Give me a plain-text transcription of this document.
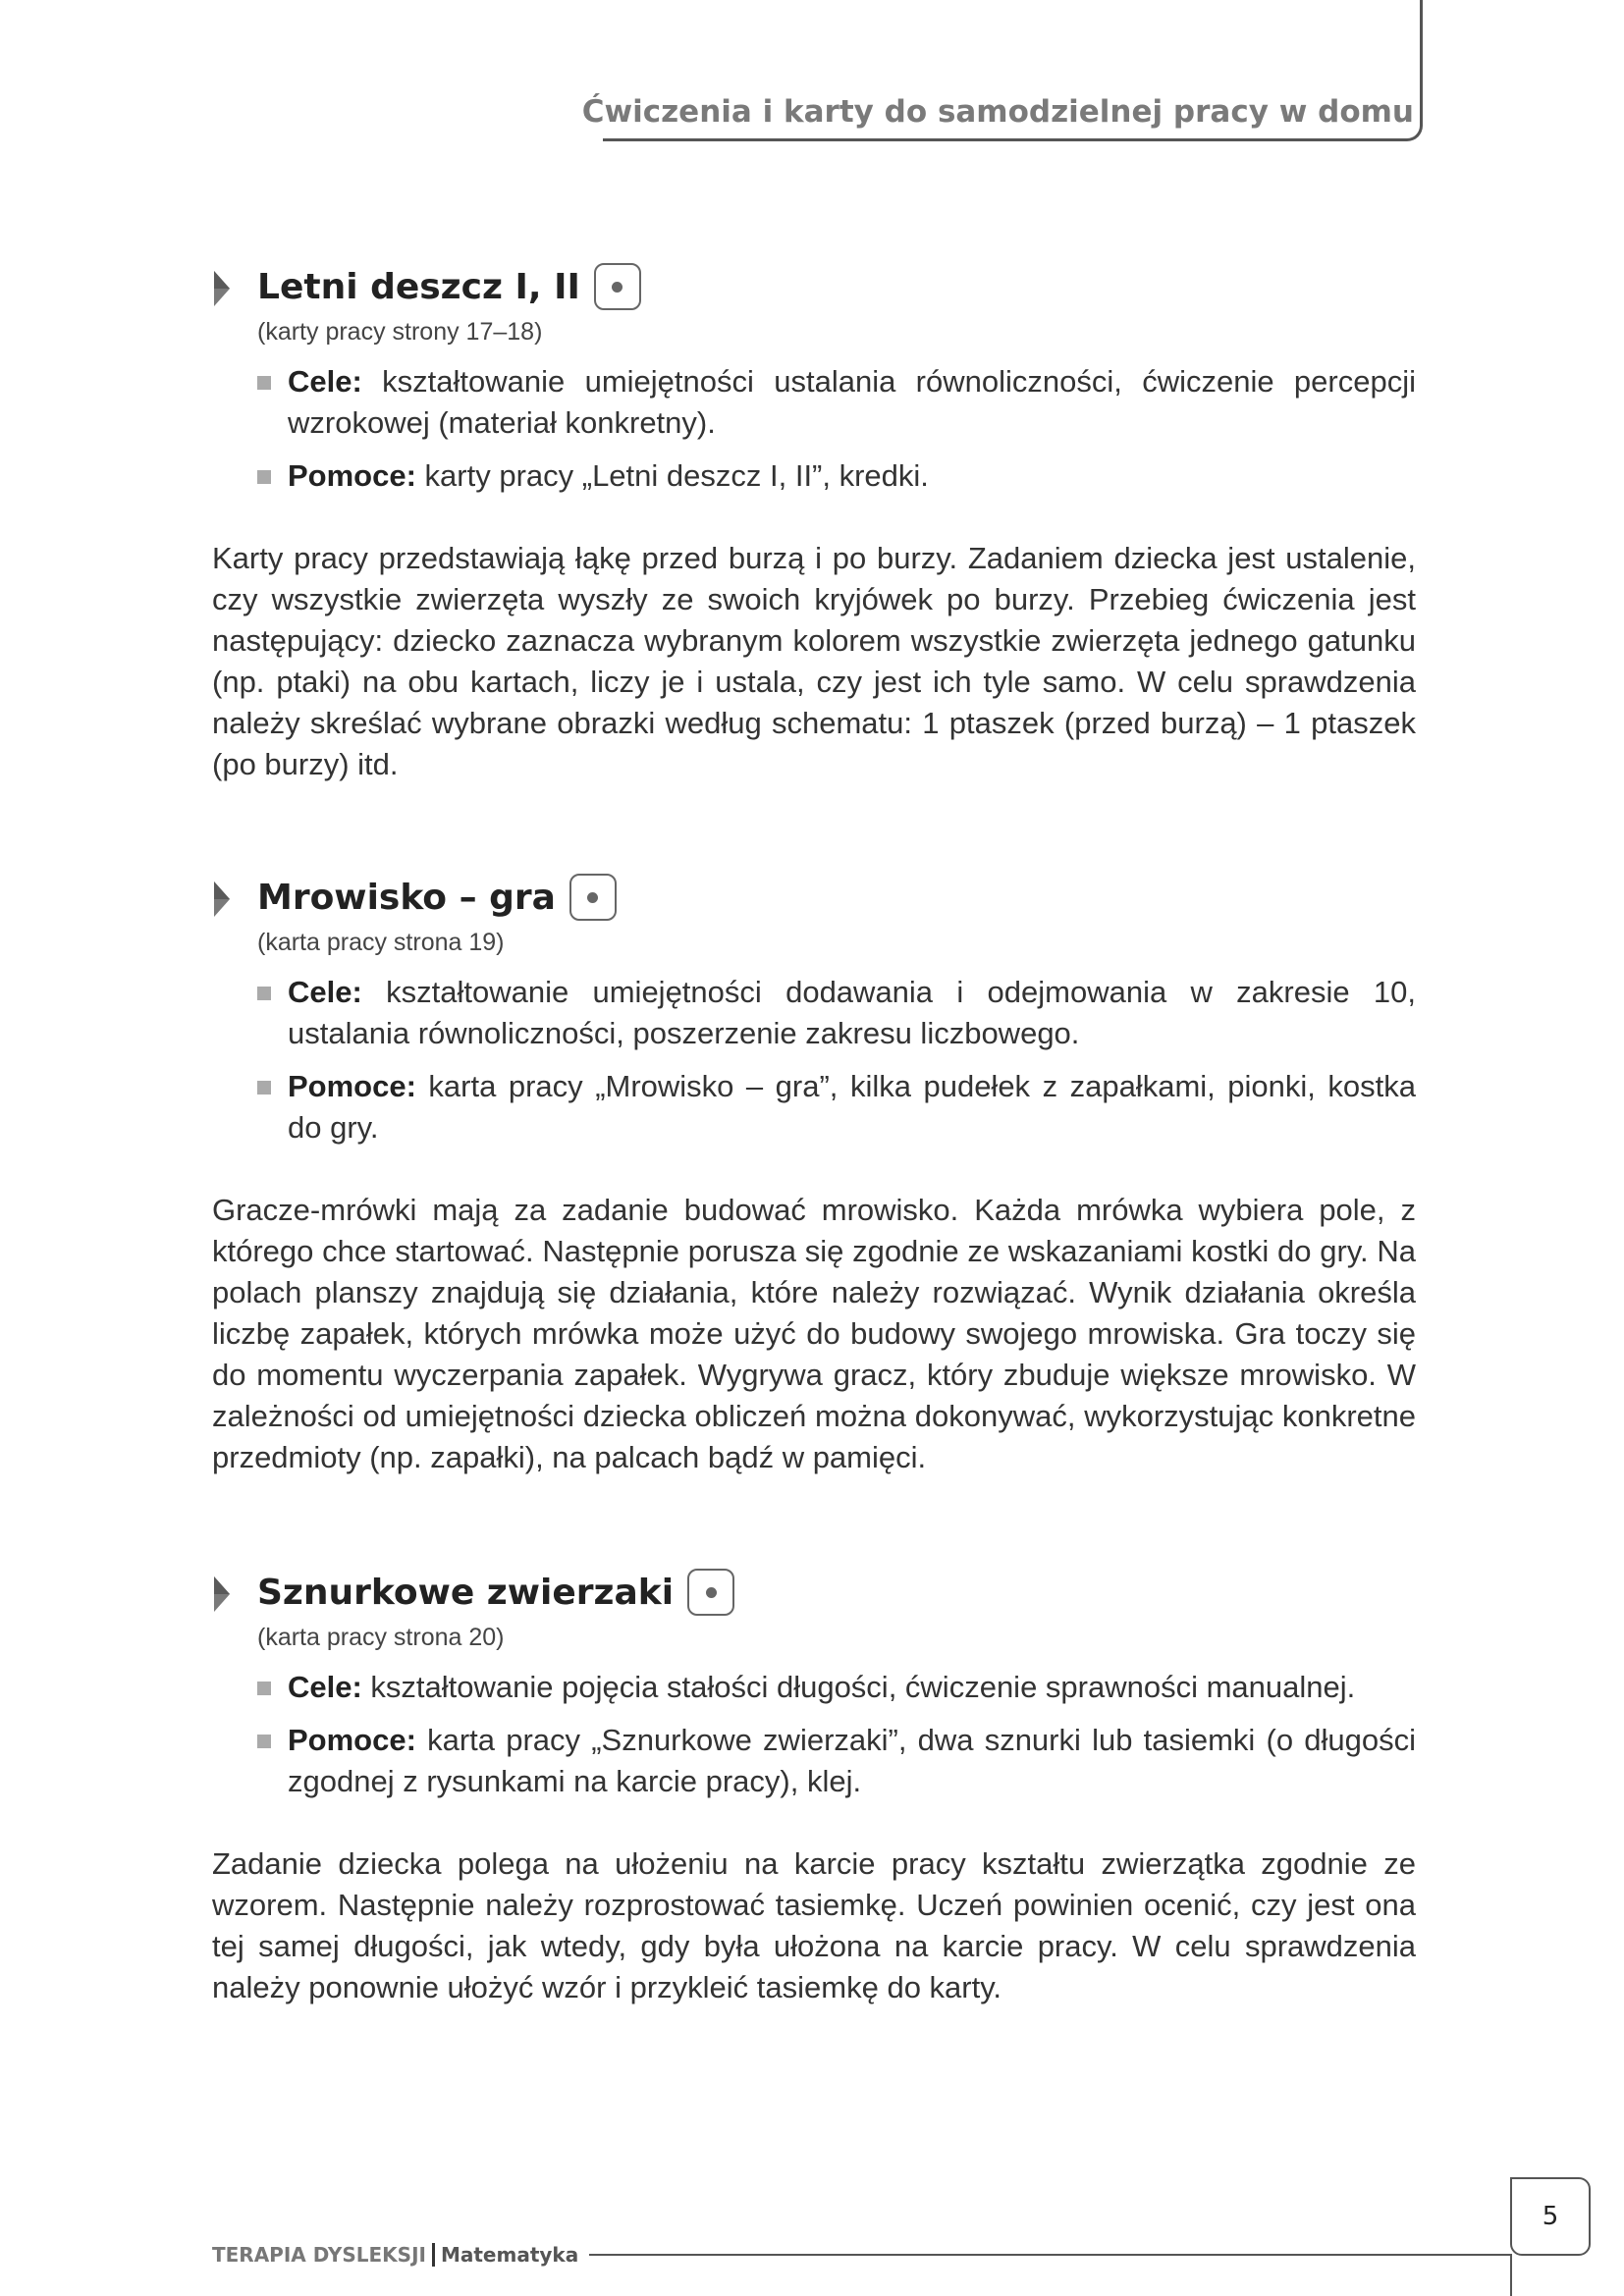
Ćwiczenia i karty do samodzielnej pracy w domu
Letni deszcz I, II
(karty pracy strony 17–18)
Cele: kształtowanie umiejętności ustalania równoliczności, ćwiczenie percepcji wzrokowej (materiał konkretny).
Pomoce: karty pracy „Letni deszcz I, II”, kredki.
Karty pracy przedstawiają łąkę przed burzą i po burzy. Zadaniem dziecka jest ustalenie, czy wszystkie zwierzęta wyszły ze swoich kryjówek po burzy. Przebieg ćwiczenia jest następujący: dziecko zaznacza wybranym kolorem wszystkie zwierzęta jednego gatunku (np. ptaki) na obu kartach, liczy je i ustala, czy jest ich tyle samo. W celu sprawdzenia należy skreślać wybrane obrazki według schematu: 1 ptaszek (przed burzą) – 1 ptaszek (po burzy) itd.
Mrowisko – gra
(karta pracy strona 19)
Cele: kształtowanie umiejętności dodawania i odejmowania w zakresie 10, ustalania równoliczności, poszerzenie zakresu liczbowego.
Pomoce: karta pracy „Mrowisko – gra”, kilka pudełek z zapałkami, pionki, kostka do gry.
Gracze-mrówki mają za zadanie budować mrowisko. Każda mrówka wybiera pole, z którego chce startować. Następnie porusza się zgodnie ze wskazaniami kostki do gry. Na polach planszy znajdują się działania, które należy rozwiązać. Wynik działania określa liczbę zapałek, których mrówka może użyć do budowy swojego mrowiska. Gra toczy się do momentu wyczerpania zapałek. Wygrywa gracz, który zbuduje większe mrowisko. W zależności od umiejętności dziecka obliczeń można dokonywać, wykorzystując konkretne przedmioty (np. zapałki), na palcach bądź w pamięci.
Sznurkowe zwierzaki
(karta pracy strona 20)
Cele: kształtowanie pojęcia stałości długości, ćwiczenie sprawności manualnej.
Pomoce: karta pracy „Sznurkowe zwierzaki”, dwa sznurki lub tasiemki (o długości zgodnej z rysunkami na karcie pracy), klej.
Zadanie dziecka polega na ułożeniu na karcie pracy kształtu zwierzątka zgodnie ze wzorem. Następnie należy rozprostować tasiemkę. Uczeń powinien ocenić, czy jest ona tej samej długości, jak wtedy, gdy była ułożona na karcie pracy. W celu sprawdzenia należy ponownie ułożyć wzór i przykleić tasiemkę do karty.
TERAPIA DYSLEKSJI Matematyka
5
